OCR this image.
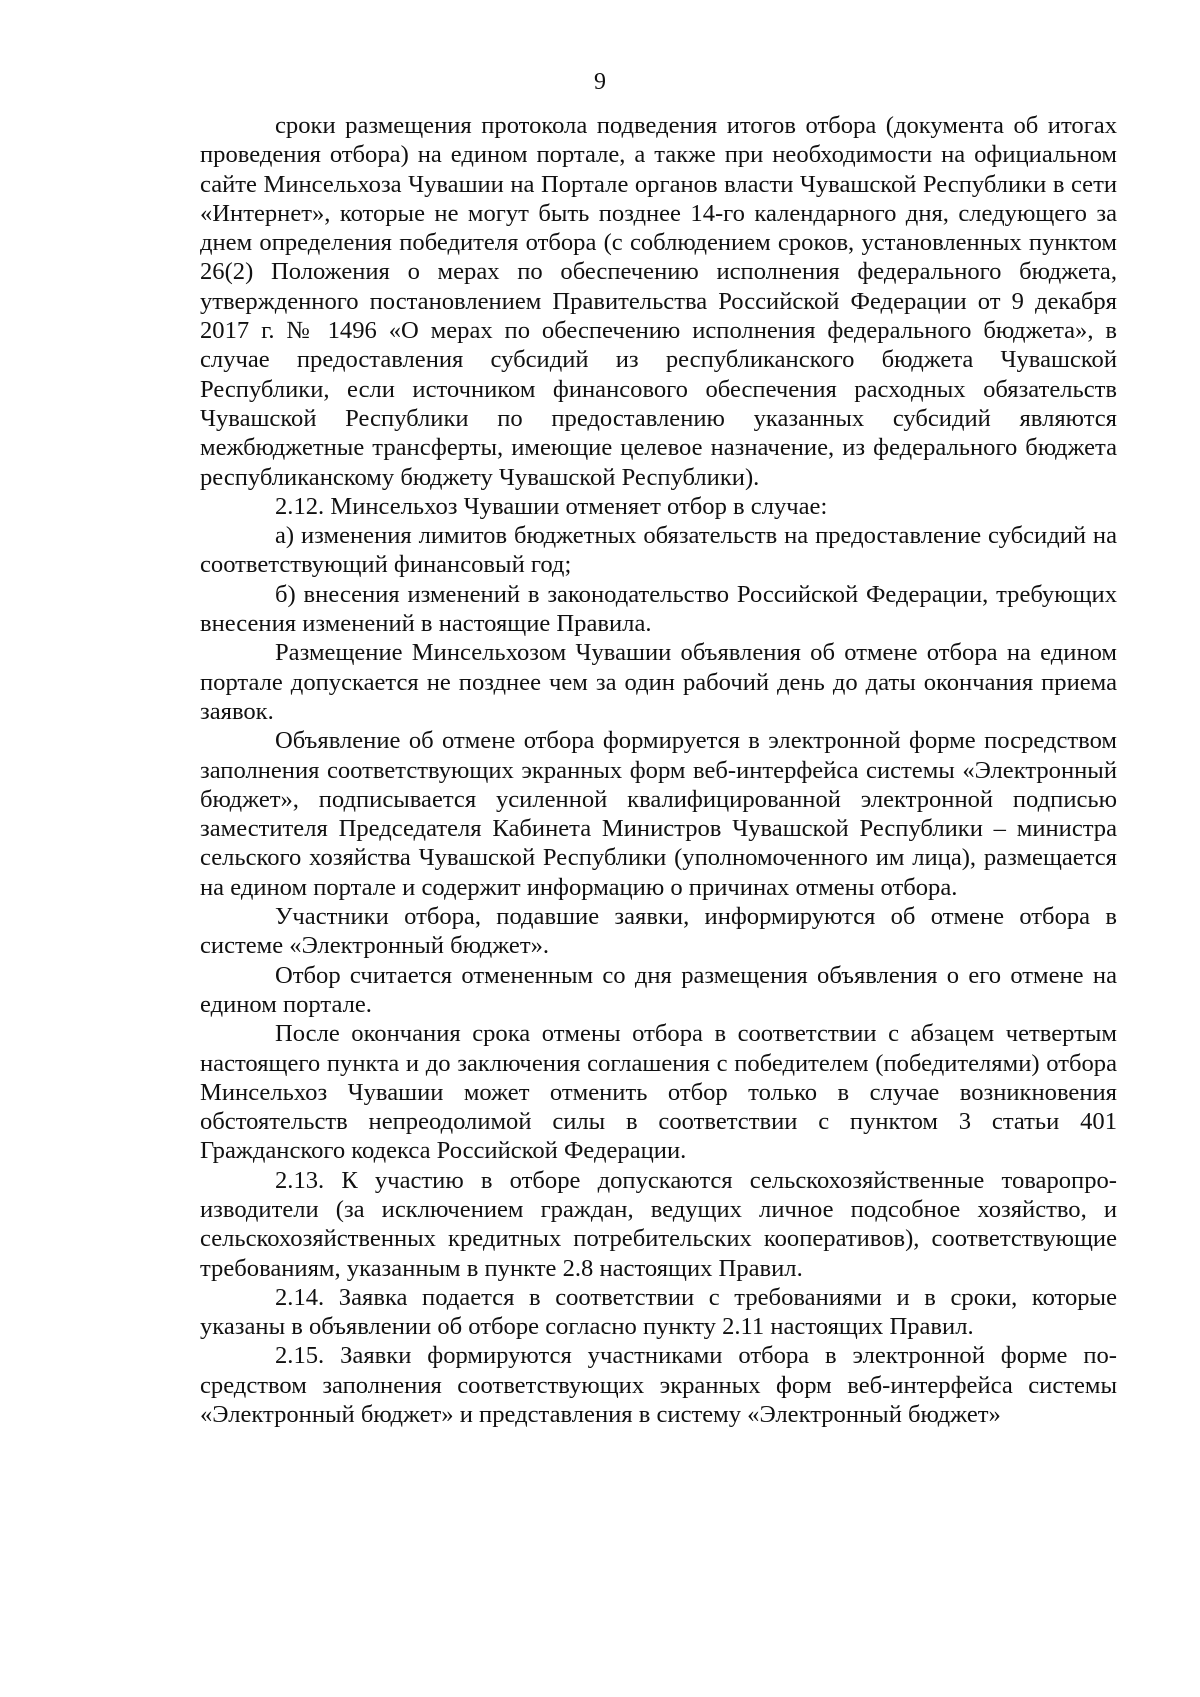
9

сроки размещения протокола подведения итогов отбора (документа об итогах проведения отбора) на едином портале, а также при необходимости на официальном сайте Минсельхоза Чувашии на Портале органов власти Чувашской Республики в сети «Интернет», которые не могут быть позднее 14-го календарного дня, следующего за днем определения победителя отбора (с соблюдением сроков, установленных пунктом 26(2) Положения о мерах по обеспечению исполнения федерального бюджета, утвержденного постановлением Правительства Российской Федерации от 9 декабря 2017 г. № 1496 «О мерах по обеспечению исполнения федерального бюджета», в случае предоставления субсидий из республиканского бюджета Чувашской Республики, если источником финансового обеспечения расходных обязательств Чувашской Республики по предоставлению указанных субсидий являются межбюджетные трансферты, имеющие целевое назначение, из федерального бюджета республиканскому бюджету Чувашской Республики).

2.12. Минсельхоз Чувашии отменяет отбор в случае:

а) изменения лимитов бюджетных обязательств на предоставление субсидий на соответствующий финансовый год;

б) внесения изменений в законодательство Российской Федерации, требующих внесения изменений в настоящие Правила.

Размещение Минсельхозом Чувашии объявления об отмене отбора на едином портале допускается не позднее чем за один рабочий день до даты окончания приема заявок.

Объявление об отмене отбора формируется в электронной форме посредством заполнения соответствующих экранных форм веб-интерфейса системы «Электронный бюджет», подписывается усиленной квалифицированной электронной подписью заместителя Председателя Кабинета Министров Чувашской Республики – министра сельского хозяйства Чувашской Республики (уполномоченного им лица), размещается на едином портале и содержит информацию о причинах отмены отбора.

Участники отбора, подавшие заявки, информируются об отмене отбора в системе «Электронный бюджет».

Отбор считается отмененным со дня размещения объявления о его отмене на едином портале.

После окончания срока отмены отбора в соответствии с абзацем четвертым настоящего пункта и до заключения соглашения с победителем (победителями) отбора Минсельхоз Чувашии может отменить отбор только в случае возникновения обстоятельств непреодолимой силы в соответствии с пунктом 3 статьи 401 Гражданского кодекса Российской Федерации.

2.13. К участию в отборе допускаются сельскохозяйственные товаропроизводители (за исключением граждан, ведущих личное подсобное хозяйство, и сельскохозяйственных кредитных потребительских кооперативов), соответствующие требованиям, указанным в пункте 2.8 настоящих Правил.

2.14. Заявка подается в соответствии с требованиями и в сроки, которые указаны в объявлении об отборе согласно пункту 2.11 настоящих Правил.

2.15. Заявки формируются участниками отбора в электронной форме посредством заполнения соответствующих экранных форм веб-интерфейса системы «Электронный бюджет» и представления в систему «Электронный бюджет»
